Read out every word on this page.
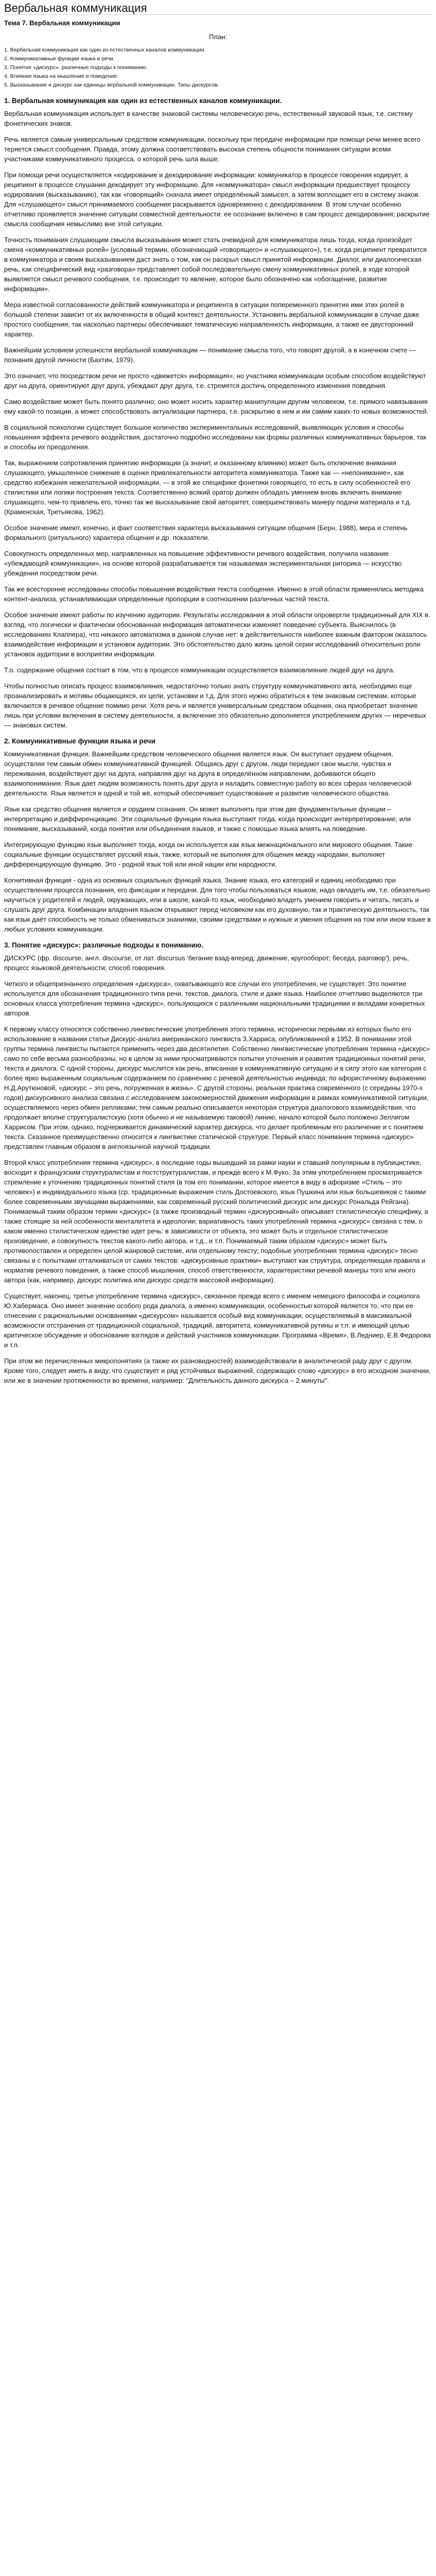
Вербальная коммуникация
Тема 7. Вербальная коммуникации
План:
1. Вербальная коммуникация как один из естественных каналов коммуникации.
2. Коммуникативные функции языка и речи.
3. Понятие «дискурс»: различные подходы к пониманию.
4. Влияние языка на мышление и поведение.
5. Высказывание и дискурс как единицы вербальной коммуникации. Типы дискурсов.
1. Вербальная коммуникация как один из естественных каналов коммуникации.

Вербальная коммуникация использует в качестве знаковой системы человеческую речь, естественный звуковой язык, т.е. систему фонетических знаков.

Речь является самым универсальным средством коммуникации, поскольку при передаче информации при помощи речи менее всего теряется смысл сообщения. Правда, этому должна соответствовать высокая степень общности понимания ситуации всеми участниками коммуникативного процесса, о которой речь шла выше.

При помощи речи осуществляется «кодирование и декодирование информации: коммуникатор в процессе говорения кодирует, а реципиент в процессе слушания декодирует эту информацию. Для «коммуникатора» смысл информации предшествует процессу кодирования (высказыванию), так как «говорящий» сначала имеет определённый замысел, а затем воплощает его в систему знаков. Для «слушающего» смысл принимаемого сообщения раскрывается одновременно с декодированием. В этом случае особенно отчетливо проявляется значение ситуации совместной деятельности: ее осознание включено в сам процесс декодирования; раскрытие смысла сообщения немыслимо вне этой ситуации.

Точность понимания слушающим смысла высказывания может стать очевидной для коммуникатора лишь тогда, когда произойдет смена «коммуникативных ролей» (условный термин, обозначающий «говорящего» и «слушающего»), т.е. когда реципиент превратится в коммуникатора и своим высказыванием даст знать о том, как он раскрыл смысл принятой информации. Диалог, или диалогическая речь, как специфический вид «разговора» представляет собой последовательную смену коммуникативных ролей, в ходе которой выявляется смысл речевого сообщения, т.е. происходит то явление, которое было обозначено как «обогащение, развитие информации».

Мера известной согласованности действий коммуникатора и реципиента в ситуации попеременного принятия ими этих ролей в большой степени зависит от их включенности в общий контекст деятельности. Установить вербальной коммуникации в случае даже простого сообщения, так насколько партнеры обеспечивают тематическую направленность информации, а также ее двусторонний характер.

Важнейшим условием успешности вербальной коммуникации — понимание смысла того, что говорят другой, а в конечном счете — познания другой личности (Бахтин, 1979).

Это означает, что посредством речи не просто «движется» информация», но участники коммуникации особым способом воздействуют друг на друга, ориентируют друг друга, убеждают друг друга, т.е. стремятся достичь определенного изменения поведения.

Само воздействие может быть понято различно: оно может носить характер манипуляции другим человеком, т.е. прямого навязывания ему какой-то позиции, а может способствовать актуализации партнера, т.е. раскрытию в нем и им самим каких-то новых возможностей.

В социальной психологии существует большое количество экспериментальных исследований, выявляющих условия и способы повышения эффекта речевого воздействия, достаточно подробно исследованы как формы различных коммуникативных барьеров, так и способы их преодоления.

Так, выражением сопротивления принятию информации (а значит, и оказанному влиянию) может быть отключение внимания слушающего, умышленное снижение в оценке привлекательности авторитета коммуникатора. Также как — «непонимание», как средство избежания нежелательной информации, — в этой же специфике фонетики говорящего, то есть в силу особенностей его стилистики или логики построения текста. Соответственно всякий оратор должен обладать умением вновь включить внимание слушающего, чем-то привлечь его, точно так же высказывание свой авторитет, совершенствовать манеру подачи материала и т.д. (Краменская, Третьякова, 1962).

Особое значение имеют, конечно, и факт соответствия характера высказывания ситуации общения (Берн, 1988), мера и степень формального (ритуального) характера общения и др. показатели.

Совокупность определенных мер, направленных на повышение эффективности речевого воздействия, получила название «убеждающей коммуникации», на основе которой разрабатывается так называемая экспериментальная риторика — искусство убеждения посредством речи.

Так же всесторонне исследованы способы повышения воздействия текста сообщения. Именно в этой области применялись методика контент-анализа, устанавливающая определенные пропорции в соотношении различных частей текста.

Особое значение имеют работы по изучению аудитории. Результаты исследования в этой области опровергли традиционный для XIX в. взгляд, что логически и фактически обоснованная информация автоматически изменяет поведение субъекта. Выяснилось (в исследованиях Клаппера), что никакого автоматизма в данном случае нет: в действительности наиболее важным фактором оказалось взаимодействие информации и установок аудитории. Это обстоятельство дало жизнь целой серии исследований относительно роли установок аудитории в восприятии информации.

Т.о. содержание общения состоит в том, что в процессе коммуникации осуществляется взаимовлияние людей друг на друга.

Чтобы полностью описать процесс взаимовлияния, недостаточно только знать структуру коммуникативного акта, необходимо еще проанализировать и мотивы общающихся, их цели, установки и т.д. Для этого нужно обратиться к тем знаковым системам, которые включаются в речевое общение помимо речи. Хотя речь и является универсальным средством общения, она приобретает значение лишь при условии включения в систему деятельности, а включение это обязательно дополняется употреблением других — неречевых — знаковых систем.

2. Коммуникативные функции языка и речи

Коммуникативная функция. Важнейшим средством человеческого общения является язык. Он выступает орудием общения, осуществляя тем самым обмен коммуникативной функцией. Общаясь друг с другом, люди передают свои мысли, чувства и переживания, воздействуют друг на друга, направляя друг на друга в определённом направлении, добиваются общего взаимопонимания. Язык дает людям возможность понять друг друга и наладить совместную работу во всех сферах человеческой деятельности. Язык является и одной и той же, который обеспечивает существование и развитие человеческого общества.

Язык как средство общения является и орудием сознания. Он может выполнять при этом две фундаментальные функции – интерпретацию и диффиренциацию. Эти социальные функции языка выступают тогда, когда происходит интерпретирование, или понимание, высказываний, когда понятия или объединения языков, и также с помощью языка влиять на поведение.

Интегрирующую функцию язык выполняет тогда, когда он используется как язык межнационального или мирового общения. Такие социальные функции осуществляет русский язык, также, который не выполняя для общения между народами, выполняет дифференцирующую функцию. Это - родной язык той или иной нации или народности.

Когнитивная функция - одна из основных социальных функций языка. Знание языка, его категорий и единиц необходимо при осуществлении процесса познания, его фиксации и передачи. Для того чтобы пользоваться языком, надо овладеть им, т.е. обязательно научиться у родителей и людей, окружающих, или в школе, какой-то язык, необходимо владеть умением говорить и читать, писать и слушать друг друга. Комбинации владения языком открывают перед человеком как его духовную, так и практическую деятельность, так как язык даёт способность не только обмениваться знаниями, своими средствами и нужные и умения общения на том или ином языке в любых условиях коммуникации.

3. Понятие «дискурс»: различные подходы к пониманию.

ДИСКУРС (фр. discourse, англ. discourse, от лат. discursus 'бегание взад-вперед; движение, кругооборот; беседа, разговор'), речь, процесс языковой деятельности; способ говорения.

Четкого и общепризнанного определения «дискурса», охватывающего все случаи его употребления, не существует. Это понятие используется для обозначения традиционного типа речи, текстов, диалога, стиле и даже языка. Наиболее отчетливо выделяются три основных класса употребления термина «дискурс», пользующихся с различными национальными традициями и вкладами конкретных авторов.

К первому классу относятся собственно лингвистические употребления этого термина, исторически первыми из которых было его использование в названии статьи Дискурс-анализ американского лингвиста З.Харриса, опубликованной в 1952. В понимании этой группы термина лингвисты пытаются применить через два десятилетия. Собственно лингвистические употребления термина «дискурс» само по себе весьма разнообразны, но в целом за ними просматриваются попытки уточнения и развития традиционных понятий речи, текста и диалога. С одной стороны, дискурс мыслится как речь, вписанная в коммуникативную ситуацию и в силу этого как категория с более ярко выраженным социальным содержанием по сравнению с речевой деятельностью индивида; по афористичному выражению Н.Д.Арутюновой, «дискурс – это речь, погруженная в жизнь». С другой стороны, реальная практика современного (с середины 1970-х годов) дискурсивного анализа связана с исследованием закономерностей движения информации в рамках коммуникативной ситуации, осуществляемого через обмен репликами; тем самым реально описывается некоторая структура диалогового взаимодействия, что продолжает вполне структуралистскую (хотя обычно и не называемую таковой) линию, начало которой было положено Зеллигом Харрисом. При этом, однако, подчеркивается динамический характер дискурса, что делает проблемным его различение и с понятием текста. Сказанное преимущественно относится к лингвистике статической структуре. Первый класс понимания термина «дискурс» представлен главным образом в англоязычной научной традиции.

Второй класс употребления термина «дискурс», в последние годы вышедший за рамки науки и ставший популярным в публицистике, восходит к французским структуралистам и постструктуралистам, и прежде всего к М.Фуко. За этим употреблением просматривается стремление к уточнению традиционных понятий стиля (в том его понимании, которое имеется в виду в афоризме «Стиль – это человек») и индивидуального языка (ср. традиционные выражения стиль Достоевского, язык Пушкина или язык большевиков с такими более современными звучащими выражениями, как современный русский политический дискурс или дискурс Рональда Рейгана). Понимаемый таким образом термин «дискурс» (а также производный термин «дискурсивный» описывает стилистическую специфику, а также стоящие за ней особенности менталитета и идеологии; вариативность таких употреблений термина «дискурс» связана с тем, о каком именно стилистическом единстве идет речь: в зависимости от объекта, это может быть и отдельное стилистическое произведение, и совокупность текстов какого-либо автора, и т.д., и т.п. Понимаемый таким образом «дискурс» может быть противопоставлен и определен целой жанровой системе, или отдельному тексту; подобные употребления термина «дискурс» тесно связаны и с попытками отталкиваться от самих текстов: «дискурсивные практики» выступают как структура, определяющая правила и норматив речевого поведения, а также способ мышления, способ ответственности, характеристики речевой манеры того или иного автора (как, например, дискурс политика или дискурс средств массовой информации).

Существует, наконец, третье употребление термина «дискурс», связанное прежде всего с именем немецкого философа и социолога Ю.Хабермаса. Оно имеет значение особого рода диалога, а именно коммуникации, особенностью которой является то, что при ее отнесении с рациональными основаниями «дискурсом» называется особый вид коммуникации, осуществляемый в максимальной возможности отстранения от традиционной социальной, традиций, авторитета, коммуникативной рутины и т.п. и имеющий целью критическое обсуждение и обоснование взглядов и действий участников коммуникации. Программа «Время», В.Ледниер, Е.В.Федорова и т.п.

При этом же перечисленных микропонятиях (а также их разновидностей) взаимодействовали в аналитической раду друг с другом. Кроме того, следует иметь в виду, что существует и ряд устойчивых выражений, содержащих слово «дискурс» в его исходном значении, или же в значении протяженности во времени, например: "Длительность данного дискурса – 2 минуты".
